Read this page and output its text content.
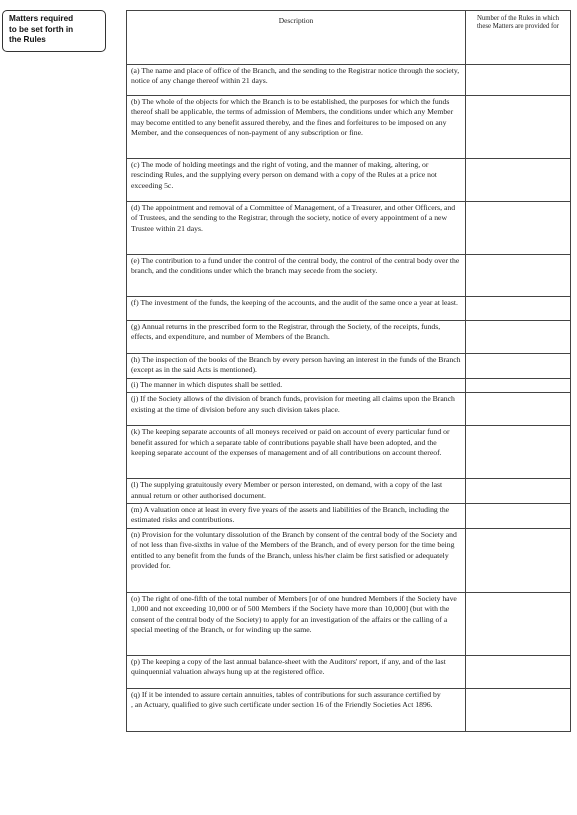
Matters required
to be set forth in
the Rules
Description	Number of the Rules in which these Matters are provided for
(a) The name and place of office of the Branch, and the sending to the Registrar notice through the society, notice of any change thereof within 21 days.	
(b) The whole of the objects for which the Branch is to be established, the purposes for which the funds thereof shall be applicable, the terms of admission of Members, the conditions under which any Member may become entitled to any benefit assured thereby, and the fines and forfeitures to be imposed on any Member, and the consequences of non-payment of any subscription or fine.	
(c) The mode of holding meetings and the right of voting, and the manner of making, altering, or rescinding Rules, and the supplying every person on demand with a copy of the Rules at a price not exceeding 5c.	
(d) The appointment and removal of a Committee of Management, of a Treasurer, and other Officers, and of Trustees, and the sending to the Registrar, through the society, notice of every appointment of a new Trustee within 21 days.	
(e) The contribution to a fund under the control of the central body, the control of the central body over the branch, and the conditions under which the branch may secede from the society.	
(f) The investment of the funds, the keeping of the accounts, and the audit of the same once a year at least.	
(g) Annual returns in the prescribed form to the Registrar, through the Society, of the receipts, funds, effects, and expenditure, and number of Members of the Branch.	
(h) The inspection of the books of the Branch by every person having an interest in the funds of the Branch (except as in the said Acts is mentioned).	
(i) The manner in which disputes shall be settled.	
(j) If the Society allows of the division of branch funds, provision for meeting all claims upon the Branch existing at the time of division before any such division takes place.	
(k) The keeping separate accounts of all moneys received or paid on account of every particular fund or benefit assured for which a separate table of contributions payable shall have been adopted, and the keeping separate account of the expenses of management and of all contributions on account thereof.	
(l) The supplying gratuitously every Member or person interested, on demand, with a copy of the last annual return or other authorised document.	
(m) A valuation once at least in every five years of the assets and liabilities of the Branch, including the estimated risks and contributions.	
(n) Provision for the voluntary dissolution of the Branch by consent of the central body of the Society and of not less than five-sixths in value of the Members of the Branch, and of every person for the time being entitled to any benefit from the funds of the Branch, unless his/her claim be first satisfied or adequately provided for.	
(o) The right of one-fifth of the total number of Members [or of one hundred Members if the Society have 1,000 and not exceeding 10,000 or of 500 Members if the Society have more than 10,000] (but with the consent of the central body of the Society) to apply for an investigation of the affairs or the calling of a special meeting of the Branch, or for winding up the same.	
(p) The keeping a copy of the last annual balance-sheet with the Auditors' report, if any, and of the last quinquennial valuation always hung up at the registered office.	
(q) If it be intended to assure certain annuities, tables of contributions for such assurance certified by                                    , an Actuary, qualified to give such certificate under section 16 of the Friendly Societies Act 1896.	
